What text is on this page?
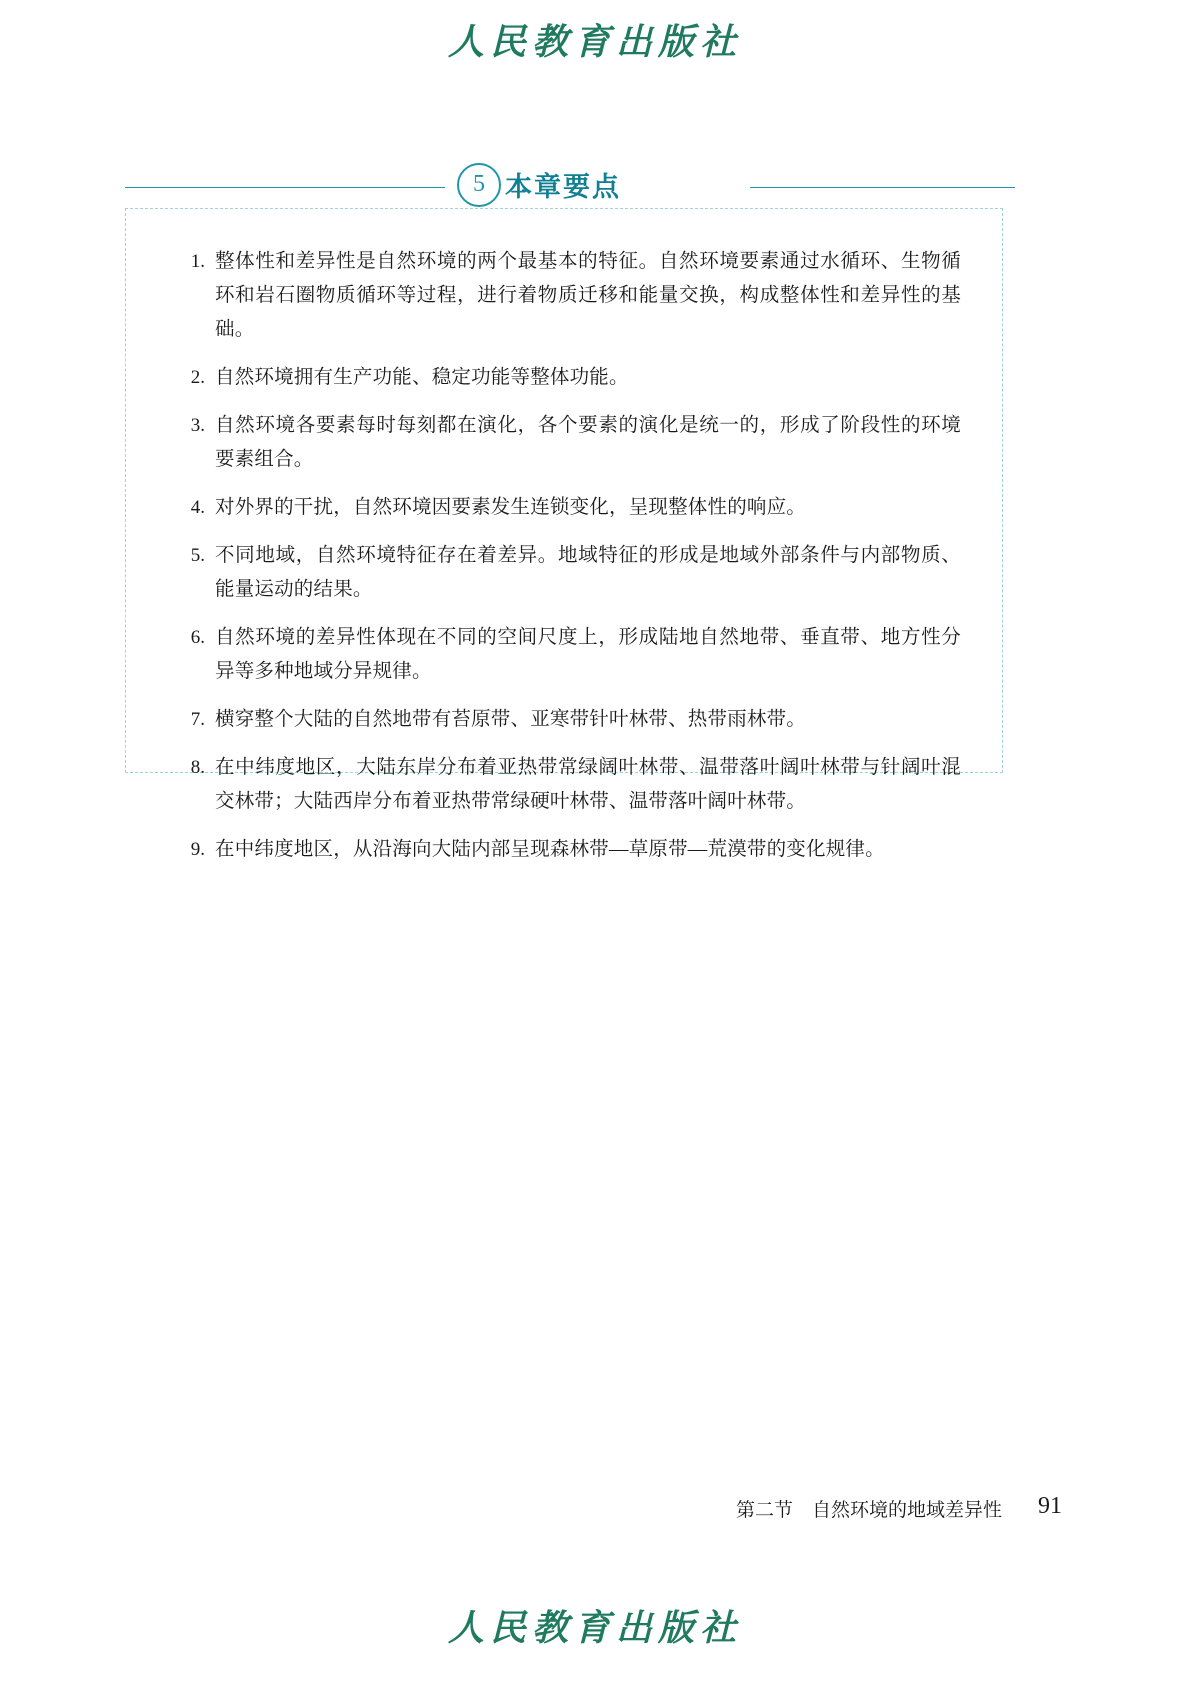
人民教育出版社
5 本章要点
1. 整体性和差异性是自然环境的两个最基本的特征。自然环境要素通过水循环、生物循环和岩石圈物质循环等过程，进行着物质迁移和能量交换，构成整体性和差异性的基础。
2. 自然环境拥有生产功能、稳定功能等整体功能。
3. 自然环境各要素每时每刻都在演化，各个要素的演化是统一的，形成了阶段性的环境要素组合。
4. 对外界的干扰，自然环境因要素发生连锁变化，呈现整体性的响应。
5. 不同地域，自然环境特征存在着差异。地域特征的形成是地域外部条件与内部物质、能量运动的结果。
6. 自然环境的差异性体现在不同的空间尺度上，形成陆地自然地带、垂直带、地方性分异等多种地域分异规律。
7. 横穿整个大陆的自然地带有苔原带、亚寒带针叶林带、热带雨林带。
8. 在中纬度地区，大陆东岸分布着亚热带常绿阔叶林带、温带落叶阔叶林带与针阔叶混交林带；大陆西岸分布着亚热带常绿硬叶林带、温带落叶阔叶林带。
9. 在中纬度地区，从沿海向大陆内部呈现森林带—草原带—荒漠带的变化规律。
第二节　自然环境的地域差异性 91
人民教育出版社
